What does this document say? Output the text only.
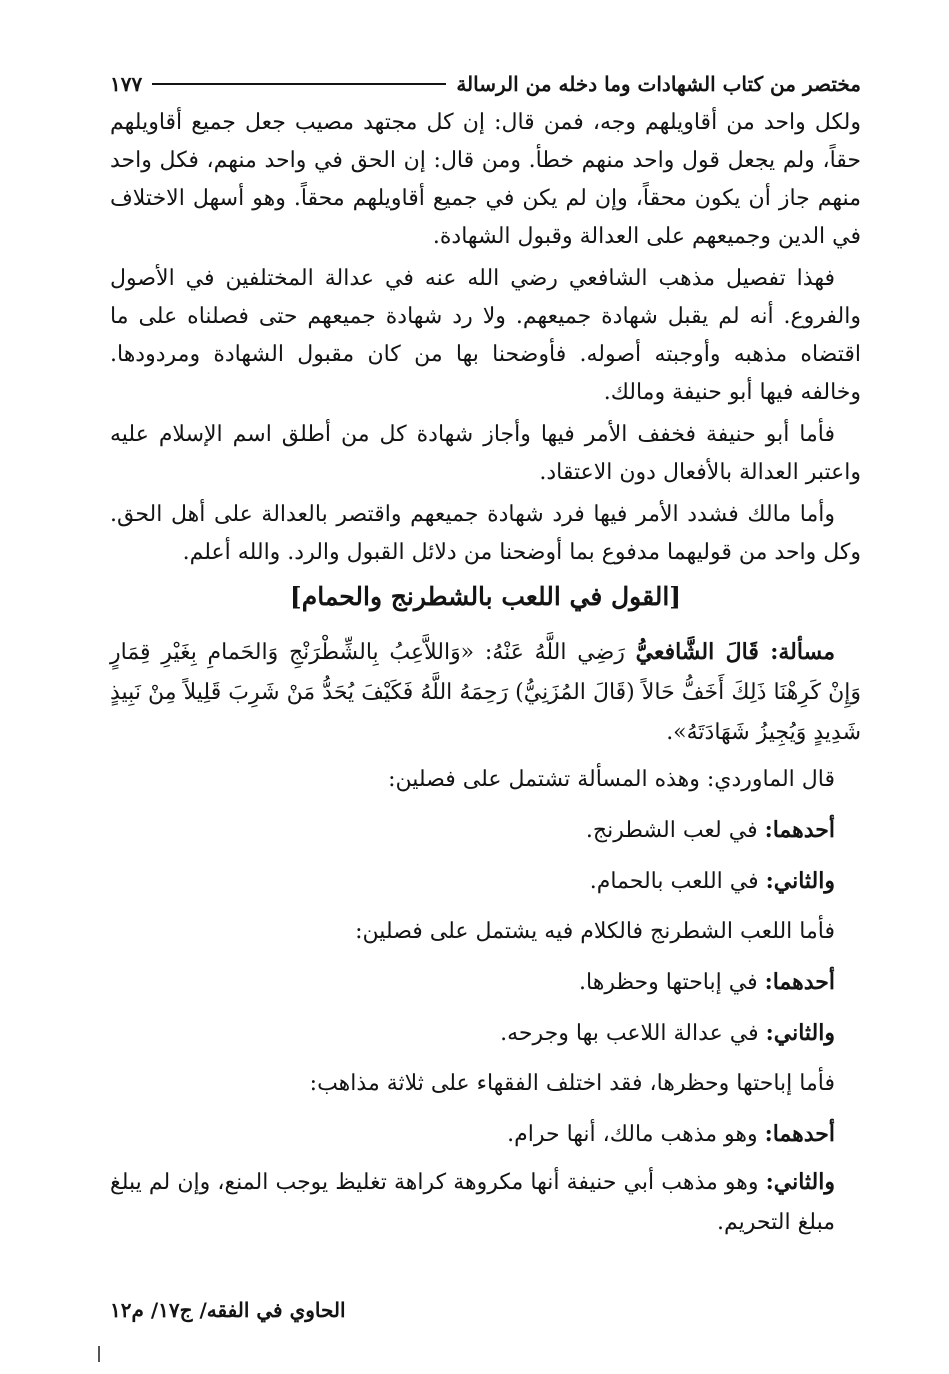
مختصر من كتاب الشهادات وما دخله من الرسالة
١٧٧

ولكل واحد من أقاويلهم وجه، فمن قال: إن كل مجتهد مصيب جعل جميع أقاويلهم حقاً، ولم يجعل قول واحد منهم خطأ. ومن قال: إن الحق في واحد منهم، فكل واحد منهم جاز أن يكون محقاً، وإن لم يكن في جميع أقاويلهم محقاً. وهو أسهل الاختلاف في الدين وجميعهم على العدالة وقبول الشهادة.

فهذا تفصيل مذهب الشافعي رضي الله عنه في عدالة المختلفين في الأصول والفروع. أنه لم يقبل شهادة جميعهم. ولا رد شهادة جميعهم حتى فصلناه على ما اقتضاه مذهبه وأوجبته أصوله. فأوضحنا بها من كان مقبول الشهادة ومردودها. وخالفه فيها أبو حنيفة ومالك.

فأما أبو حنيفة فخفف الأمر فيها وأجاز شهادة كل من أطلق اسم الإسلام عليه واعتبر العدالة بالأفعال دون الاعتقاد.

وأما مالك فشدد الأمر فيها فرد شهادة جميعهم واقتصر بالعدالة على أهل الحق. وكل واحد من قوليهما مدفوع بما أوضحنا من دلائل القبول والرد. والله أعلم.

[القول في اللعب بالشطرنج والحمام]

مسألة: قَالَ الشَّافعيُّ رَضِي اللَّهُ عَنْهُ: «وَاللاَّعِبُ بِالشِّطْرَنْجِ وَالحَمامِ بِغَيْرِ قِمَارٍ وَإِنْ كَرِهْنَا ذَلِكَ أَخَفُّ حَالاً (قَالَ المُزَنِيُّ) رَحِمَهُ اللَّهُ فَكَيْفَ يُحَدُّ مَنْ شَرِبَ قَلِيلاً مِنْ نَبِيذٍ شَدِيدٍ وَيُجِيزُ شَهَادَتَهُ».

قال الماوردي: وهذه المسألة تشتمل على فصلين:

أحدهما: في لعب الشطرنج.

والثاني: في اللعب بالحمام.

فأما اللعب الشطرنج فالكلام فيه يشتمل على فصلين:

أحدهما: في إباحتها وحظرها.

والثاني: في عدالة اللاعب بها وجرحه.

فأما إباحتها وحظرها، فقد اختلف الفقهاء على ثلاثة مذاهب:

أحدهما: وهو مذهب مالك، أنها حرام.

والثاني: وهو مذهب أبي حنيفة أنها مكروهة كراهة تغليظ يوجب المنع، وإن لم يبلغ مبلغ التحريم.

الحاوي في الفقه/ ج١٧/ م١٢
